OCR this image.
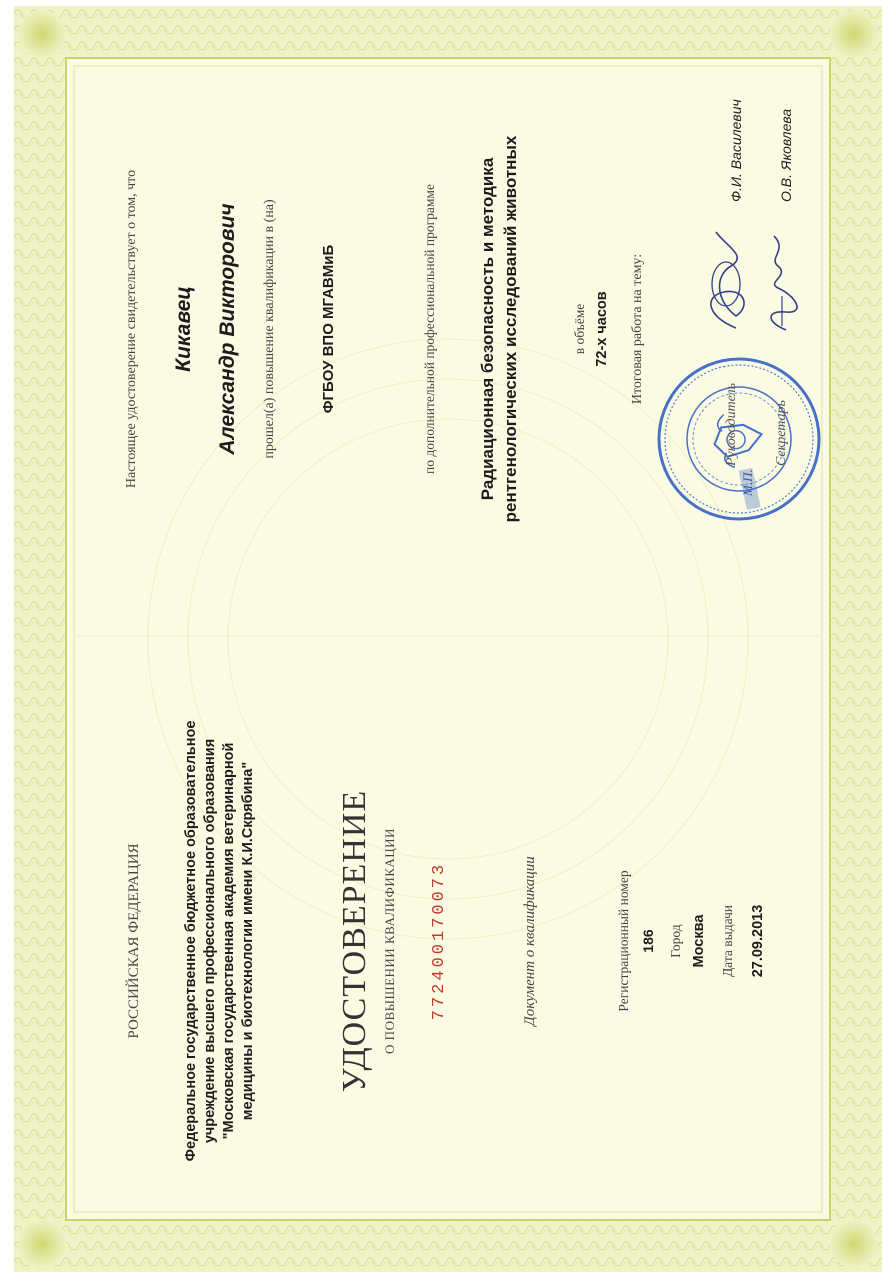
РОССИЙСКАЯ ФЕДЕРАЦИЯ	Федеральное государственное бюджетное образовательное учреждение высшего профессионального образования "Московская государственная академия ветеринарной медицины и биотехнологии имени К.И.Скрябина" УДОСТОВЕРЕНИЕ О ПОВЫШЕНИИ КВАЛИФИКАЦИИ 772400170073	Документ о квалификации	Регистрационный номер 186 Город Москва Дата выдачи 27.09.2013
Настоящее удостоверение свидетельствует о том, что Кикавец Александр Викторович прошел(а) повышение квалификации в (на)	ФГБОУ ВПО МГАВМиБ	по дополнительной профессиональной программе Радиационная безопасность и методика рентгенологических исследований животных	в объёме 72-х часов Итоговая работа на тему:
М.П.
Руководитель
Ф.И. Василевич
Секретарь
О.В. Яковлева
